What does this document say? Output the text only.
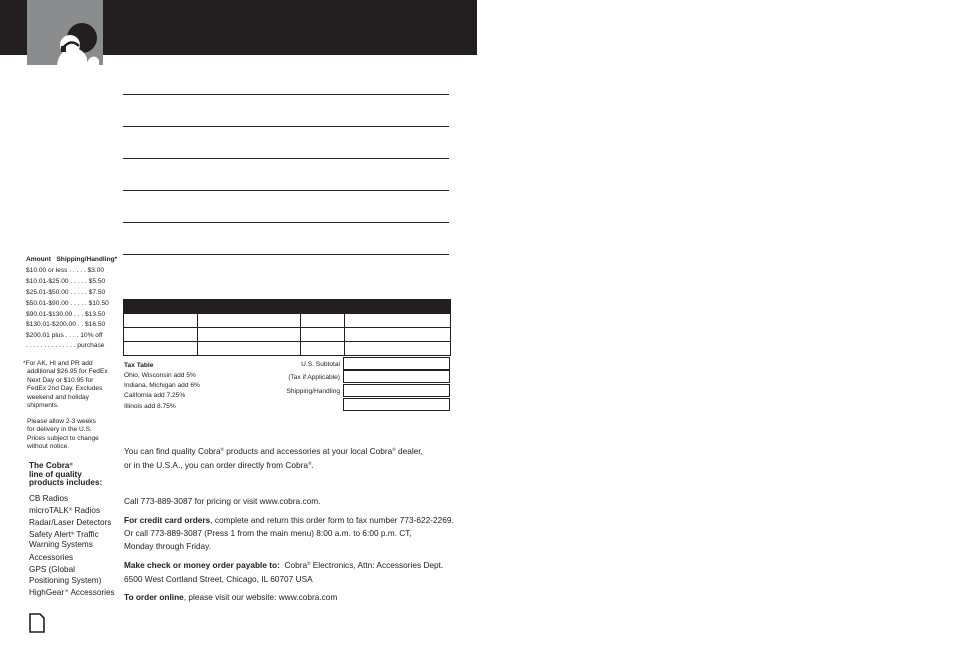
Amount Shipping/Handling*
$10.00 or less . . . . . $3.00
$10.01-$25.00 . . . . . $5.50
$25.01-$50.00 . . . . . $7.50
$50.01-$90.00 . . . . . $10.50
$90.01-$130.00 . . . $13.50
$130.01-$200.00 . . $16.50
$200.01 plus . . . . 10% off
. . . . . . . . . . . . . . purchase
*For AK, HI and PR add
additional $26.95 for FedEx
Next Day or $10.95 for
FedEx 2nd Day. Excludes
weekend and holiday
shipments.
Please allow 2-3 weeks
for delivery in the U.S.
Prices subject to change
without notice.
The Cobra®
line of quality
products includes:
CB Radios
microTALK® Radios
Radar/Laser Detectors
Safety Alert® Traffic
Warning Systems
Accessories
GPS (Global
Positioning System)
HighGear™ Accessories
Tax Table
Ohio, Wisconsin add 5%
Indiana, Michigan add 6%
California add 7.25%
Illinois add 8.75%
U.S. Subtotal
(Tax if Applicable)
Shipping/Handling
You can find quality Cobra® products and accessories at your local Cobra® dealer,
or in the U.S.A., you can order directly from Cobra®.
Call 773-889-3087 for pricing or visit www.cobra.com.
For credit card orders, complete and return this order form to fax number 773-622-2269.
Or call 773-889-3087 (Press 1 from the main menu) 8:00 a.m. to 6:00 p.m. CT,
Monday through Friday.
Make check or money order payable to:  Cobra® Electronics, Attn: Accessories Dept.
6500 West Cortland Street, Chicago, IL 60707 USA
To order online, please visit our website: www.cobra.com
